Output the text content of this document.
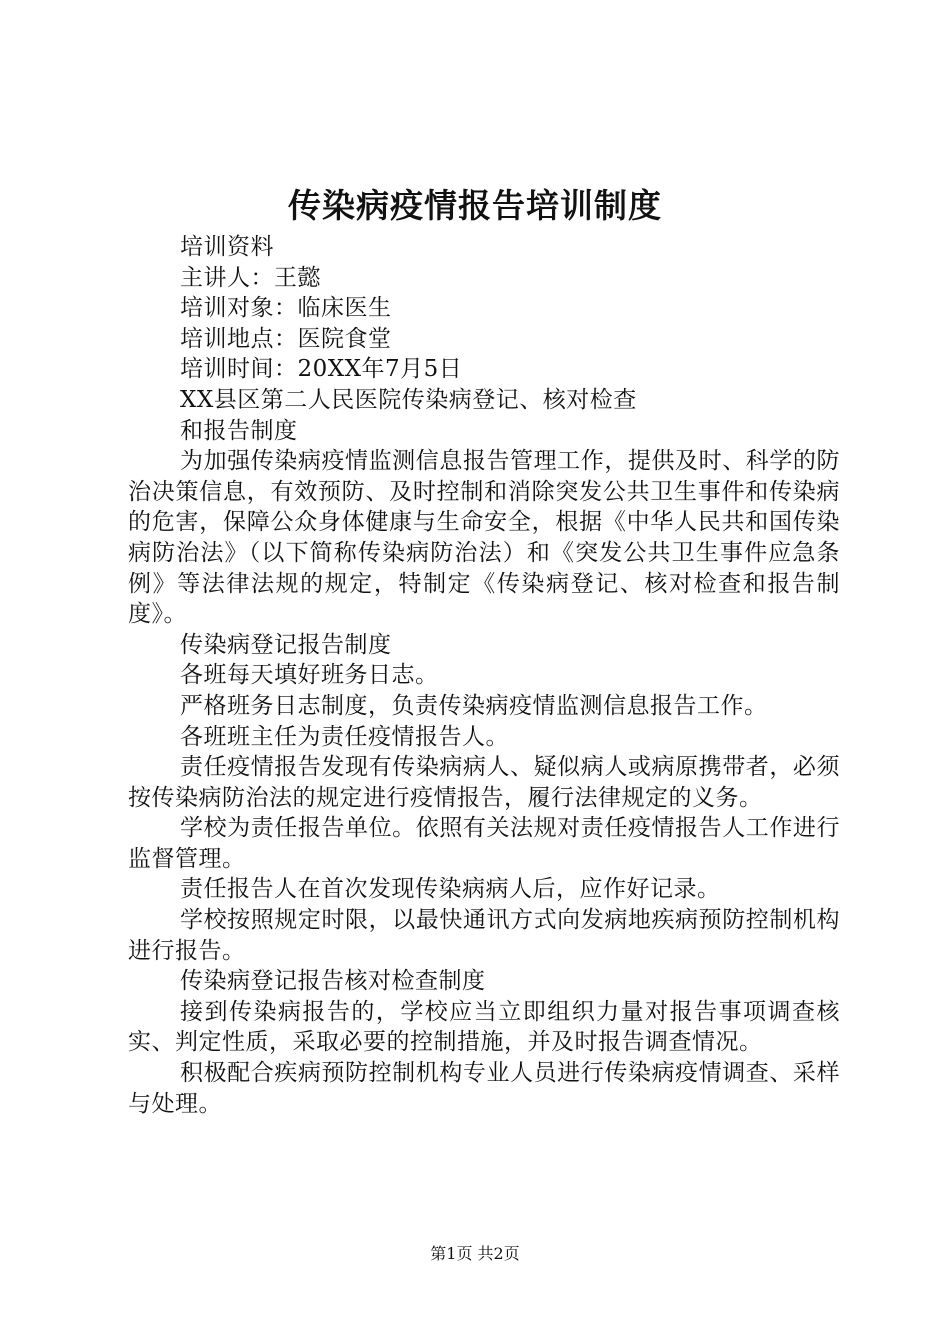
传染病疫情报告培训制度

培训资料

主讲人：王懿

培训对象：临床医生

培训地点：医院食堂

培训时间：20XX年7月5日

XX县区第二人民医院传染病登记、核对检查

和报告制度

为加强传染病疫情监测信息报告管理工作，提供及时、科学的防治决策信息，有效预防、及时控制和消除突发公共卫生事件和传染病的危害，保障公众身体健康与生命安全，根据《中华人民共和国传染病防治法》（以下简称传染病防治法）和《突发公共卫生事件应急条例》等法律法规的规定，特制定《传染病登记、核对检查和报告制度》。

传染病登记报告制度

各班每天填好班务日志。

严格班务日志制度，负责传染病疫情监测信息报告工作。

各班班主任为责任疫情报告人。

责任疫情报告发现有传染病病人、疑似病人或病原携带者，必须按传染病防治法的规定进行疫情报告，履行法律规定的义务。

学校为责任报告单位。依照有关法规对责任疫情报告人工作进行监督管理。

责任报告人在首次发现传染病病人后，应作好记录。

学校按照规定时限，以最快通讯方式向发病地疾病预防控制机构进行报告。

传染病登记报告核对检查制度

接到传染病报告的，学校应当立即组织力量对报告事项调查核实、判定性质，采取必要的控制措施，并及时报告调查情况。

积极配合疾病预防控制机构专业人员进行传染病疫情调查、采样与处理。

第1页 共2页
